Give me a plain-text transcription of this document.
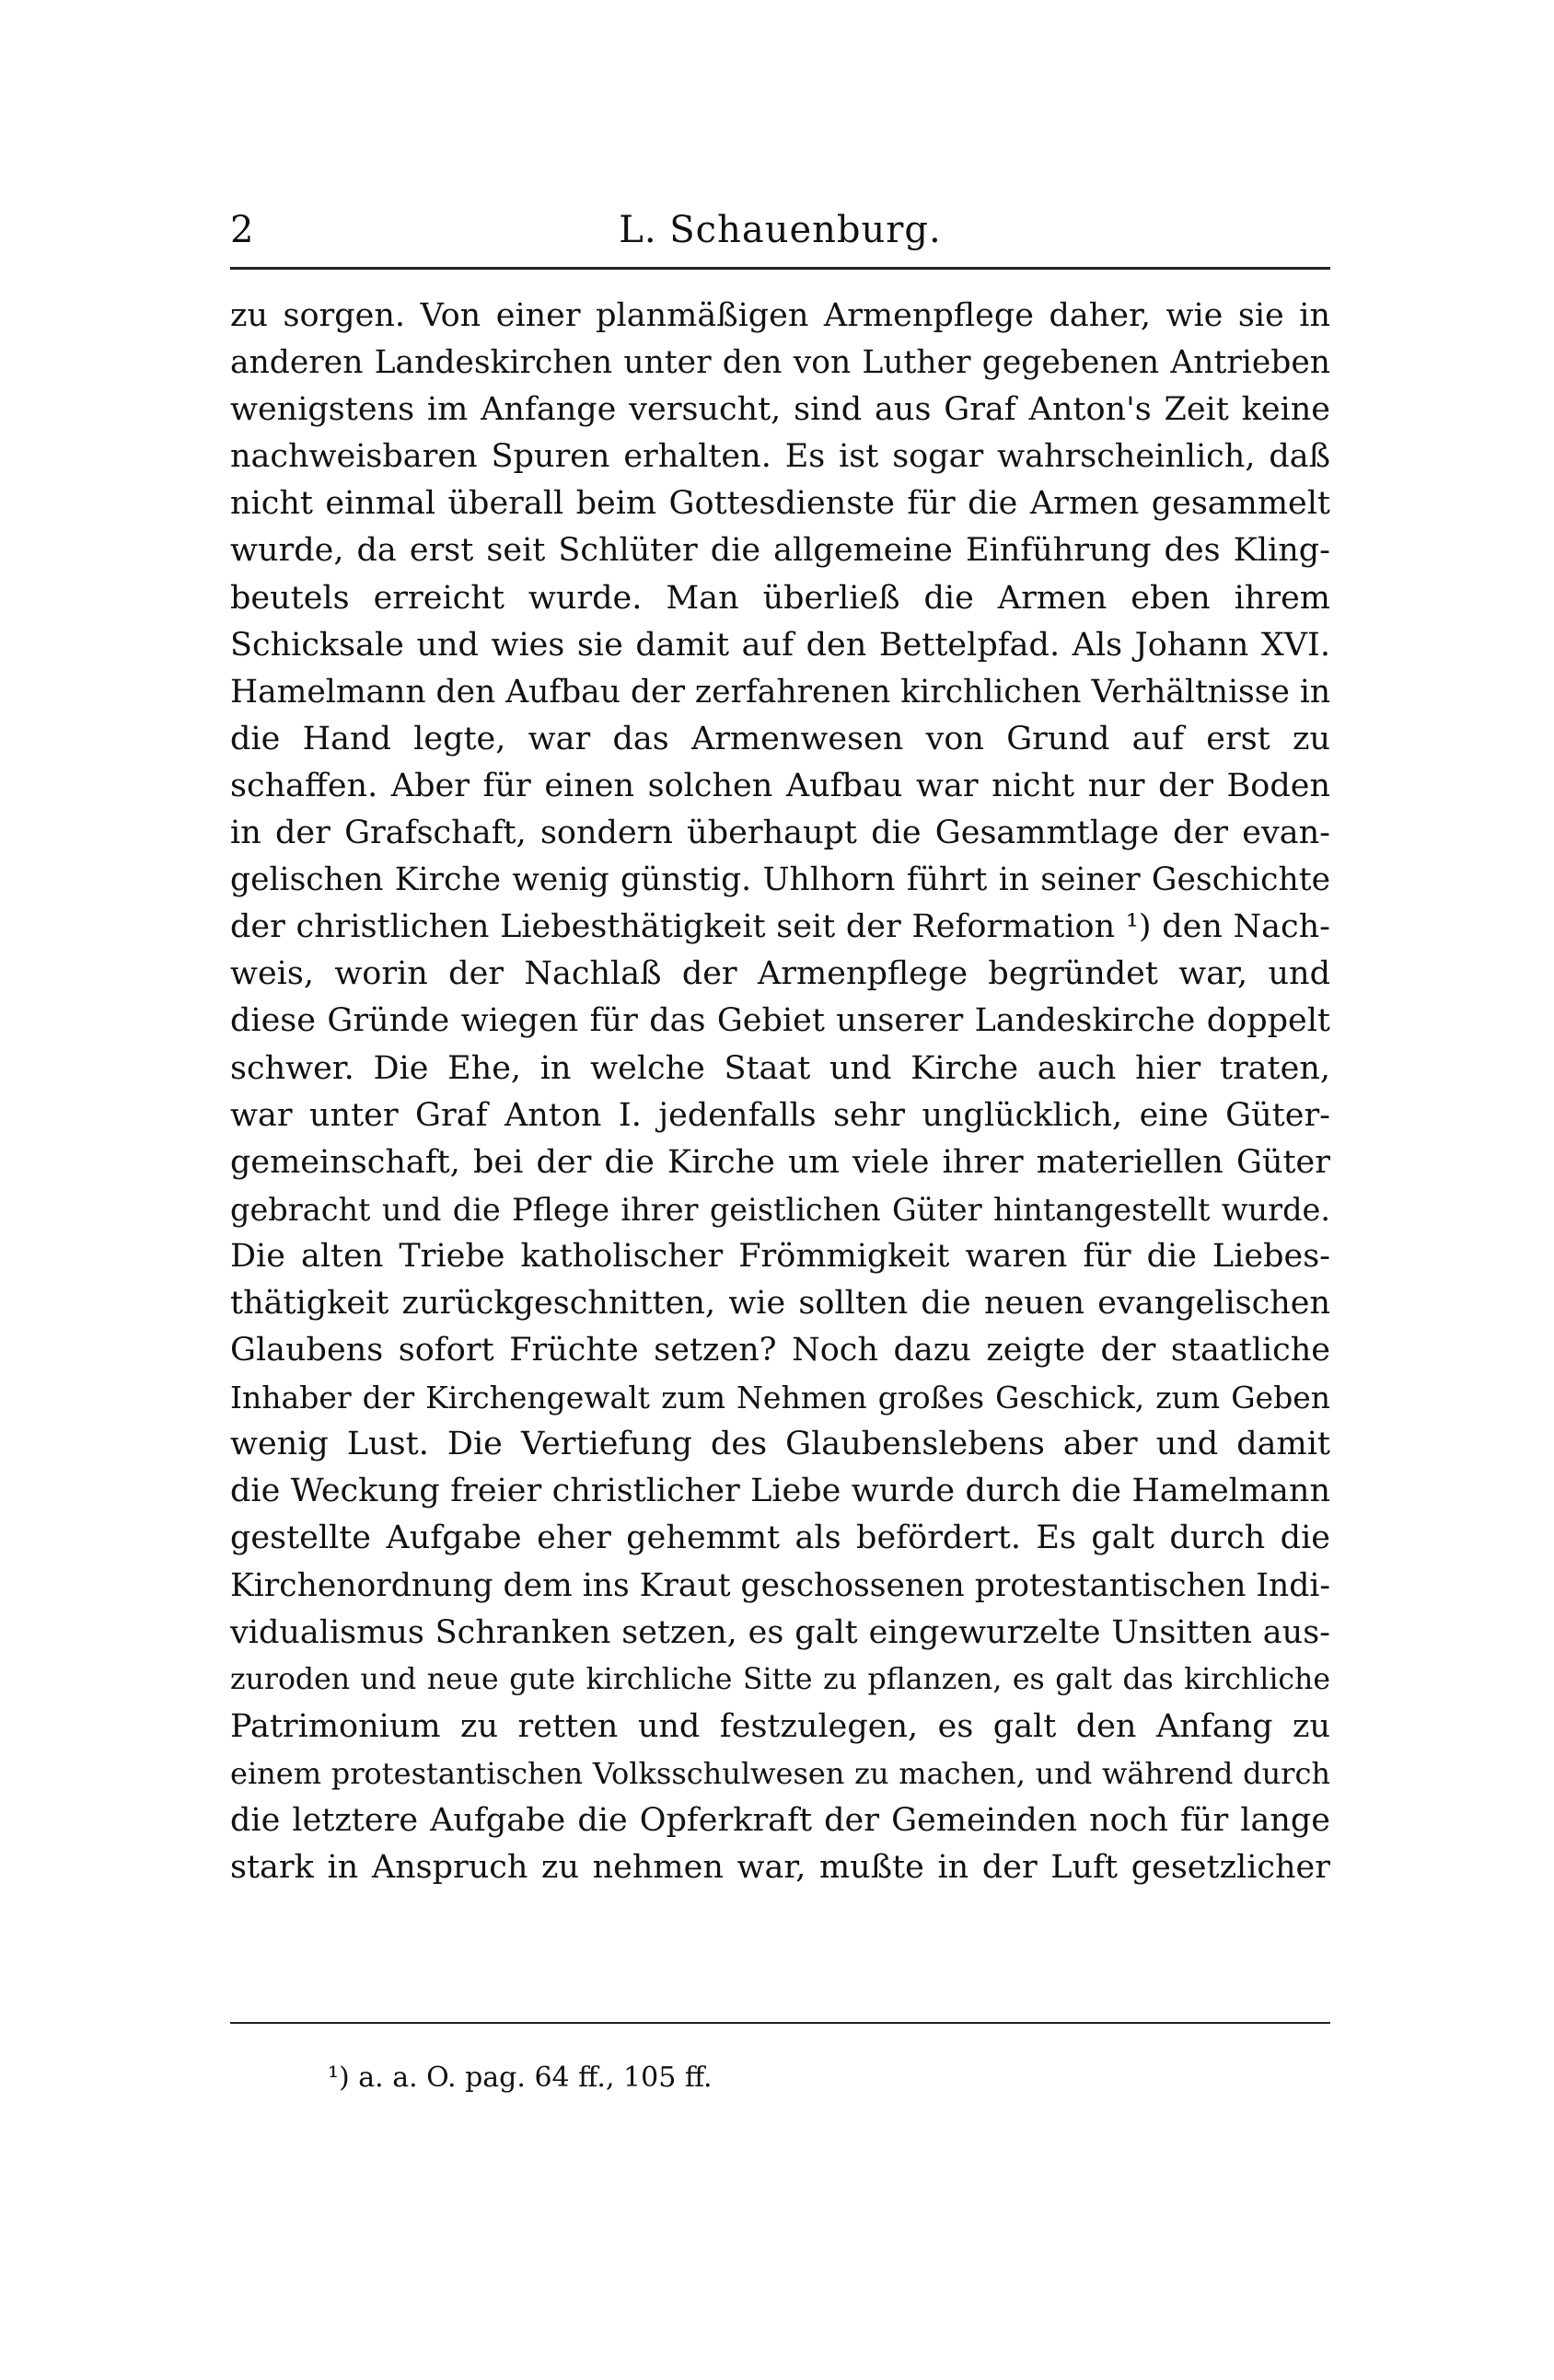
2	L. Schauenburg.
zu sorgen. Von einer planmäßigen Armenpflege daher, wie sie in
anderen Landeskirchen unter den von Luther gegebenen Antrieben
wenigstens im Anfange versucht, sind aus Graf Anton's Zeit keine
nachweisbaren Spuren erhalten. Es ist sogar wahrscheinlich, daß
nicht einmal überall beim Gottesdienste für die Armen gesammelt
wurde, da erst seit Schlüter die allgemeine Einführung des Kling-
beutels erreicht wurde. Man überließ die Armen eben ihrem
Schicksale und wies sie damit auf den Bettelpfad. Als Johann XVI.
Hamelmann den Aufbau der zerfahrenen kirchlichen Verhältnisse in
die Hand legte, war das Armenwesen von Grund auf erst zu
schaffen. Aber für einen solchen Aufbau war nicht nur der Boden
in der Grafschaft, sondern überhaupt die Gesammtlage der evan-
gelischen Kirche wenig günstig. Uhlhorn führt in seiner Geschichte
der christlichen Liebesthätigkeit seit der Reformation ¹) den Nach-
weis, worin der Nachlaß der Armenpflege begründet war, und
diese Gründe wiegen für das Gebiet unserer Landeskirche doppelt
schwer. Die Ehe, in welche Staat und Kirche auch hier traten,
war unter Graf Anton I. jedenfalls sehr unglücklich, eine Güter-
gemeinschaft, bei der die Kirche um viele ihrer materiellen Güter
gebracht und die Pflege ihrer geistlichen Güter hintangestellt wurde.
Die alten Triebe katholischer Frömmigkeit waren für die Liebes-
thätigkeit zurückgeschnitten, wie sollten die neuen evangelischen
Glaubens sofort Früchte setzen? Noch dazu zeigte der staatliche
Inhaber der Kirchengewalt zum Nehmen großes Geschick, zum Geben
wenig Lust. Die Vertiefung des Glaubenslebens aber und damit
die Weckung freier christlicher Liebe wurde durch die Hamelmann
gestellte Aufgabe eher gehemmt als befördert. Es galt durch die
Kirchenordnung dem ins Kraut geschossenen protestantischen Indi-
vidualismus Schranken setzen, es galt eingewurzelte Unsitten aus-
zuroden und neue gute kirchliche Sitte zu pflanzen, es galt das kirchliche
Patrimonium zu retten und festzulegen, es galt den Anfang zu
einem protestantischen Volksschulwesen zu machen, und während durch
die letztere Aufgabe die Opferkraft der Gemeinden noch für lange
stark in Anspruch zu nehmen war, mußte in der Luft gesetzlicher
¹) a. a. O. pag. 64 ff., 105 ff.
